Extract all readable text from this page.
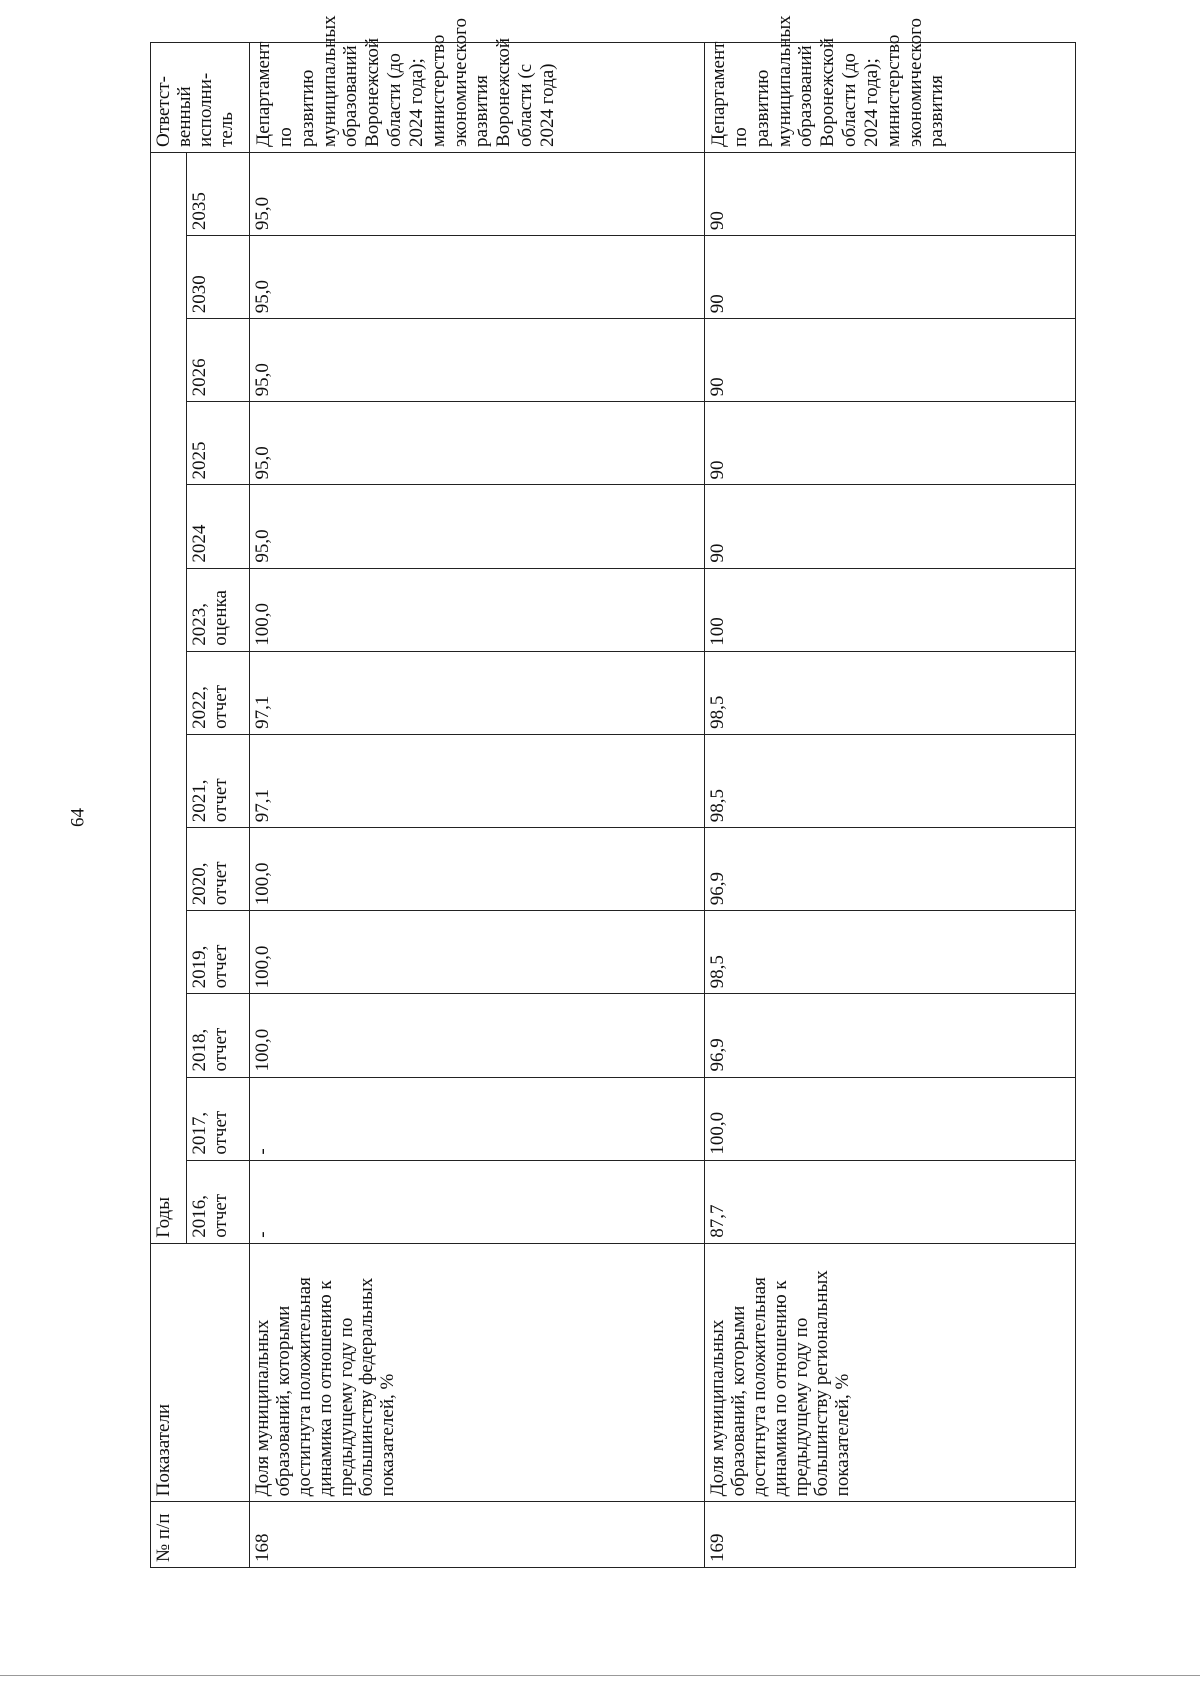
64
№ п/п	Показатели	Годы													Ответст- венный исполни- тель
		2016, отчет	2017, отчет	2018, отчет	2019, отчет	2020, отчет	2021, отчет	2022, отчет	2023, оценка	2024	2025	2026	2030	2035	
168	Доля муниципальных образований, которыми достигнута положительная динамика по отношению к предыдущему году по большинству федеральных показателей, %	-	-	100,0	100,0	100,0	97,1	97,1	100,0	95,0	95,0	95,0	95,0	95,0	Департамент по развитию муниципальных образований Воронежской области (до 2024 года); министерство экономического развития Воронежской области (с 2024 года)
169	Доля муниципальных образований, которыми достигнута положительная динамика по отношению к предыдущему году по большинству региональных показателей, %	87,7	100,0	96,9	98,5	96,9	98,5	98,5	100	90	90	90	90	90	Департамент по развитию муниципальных образований Воронежской области (до 2024 года); министерство экономического развития
